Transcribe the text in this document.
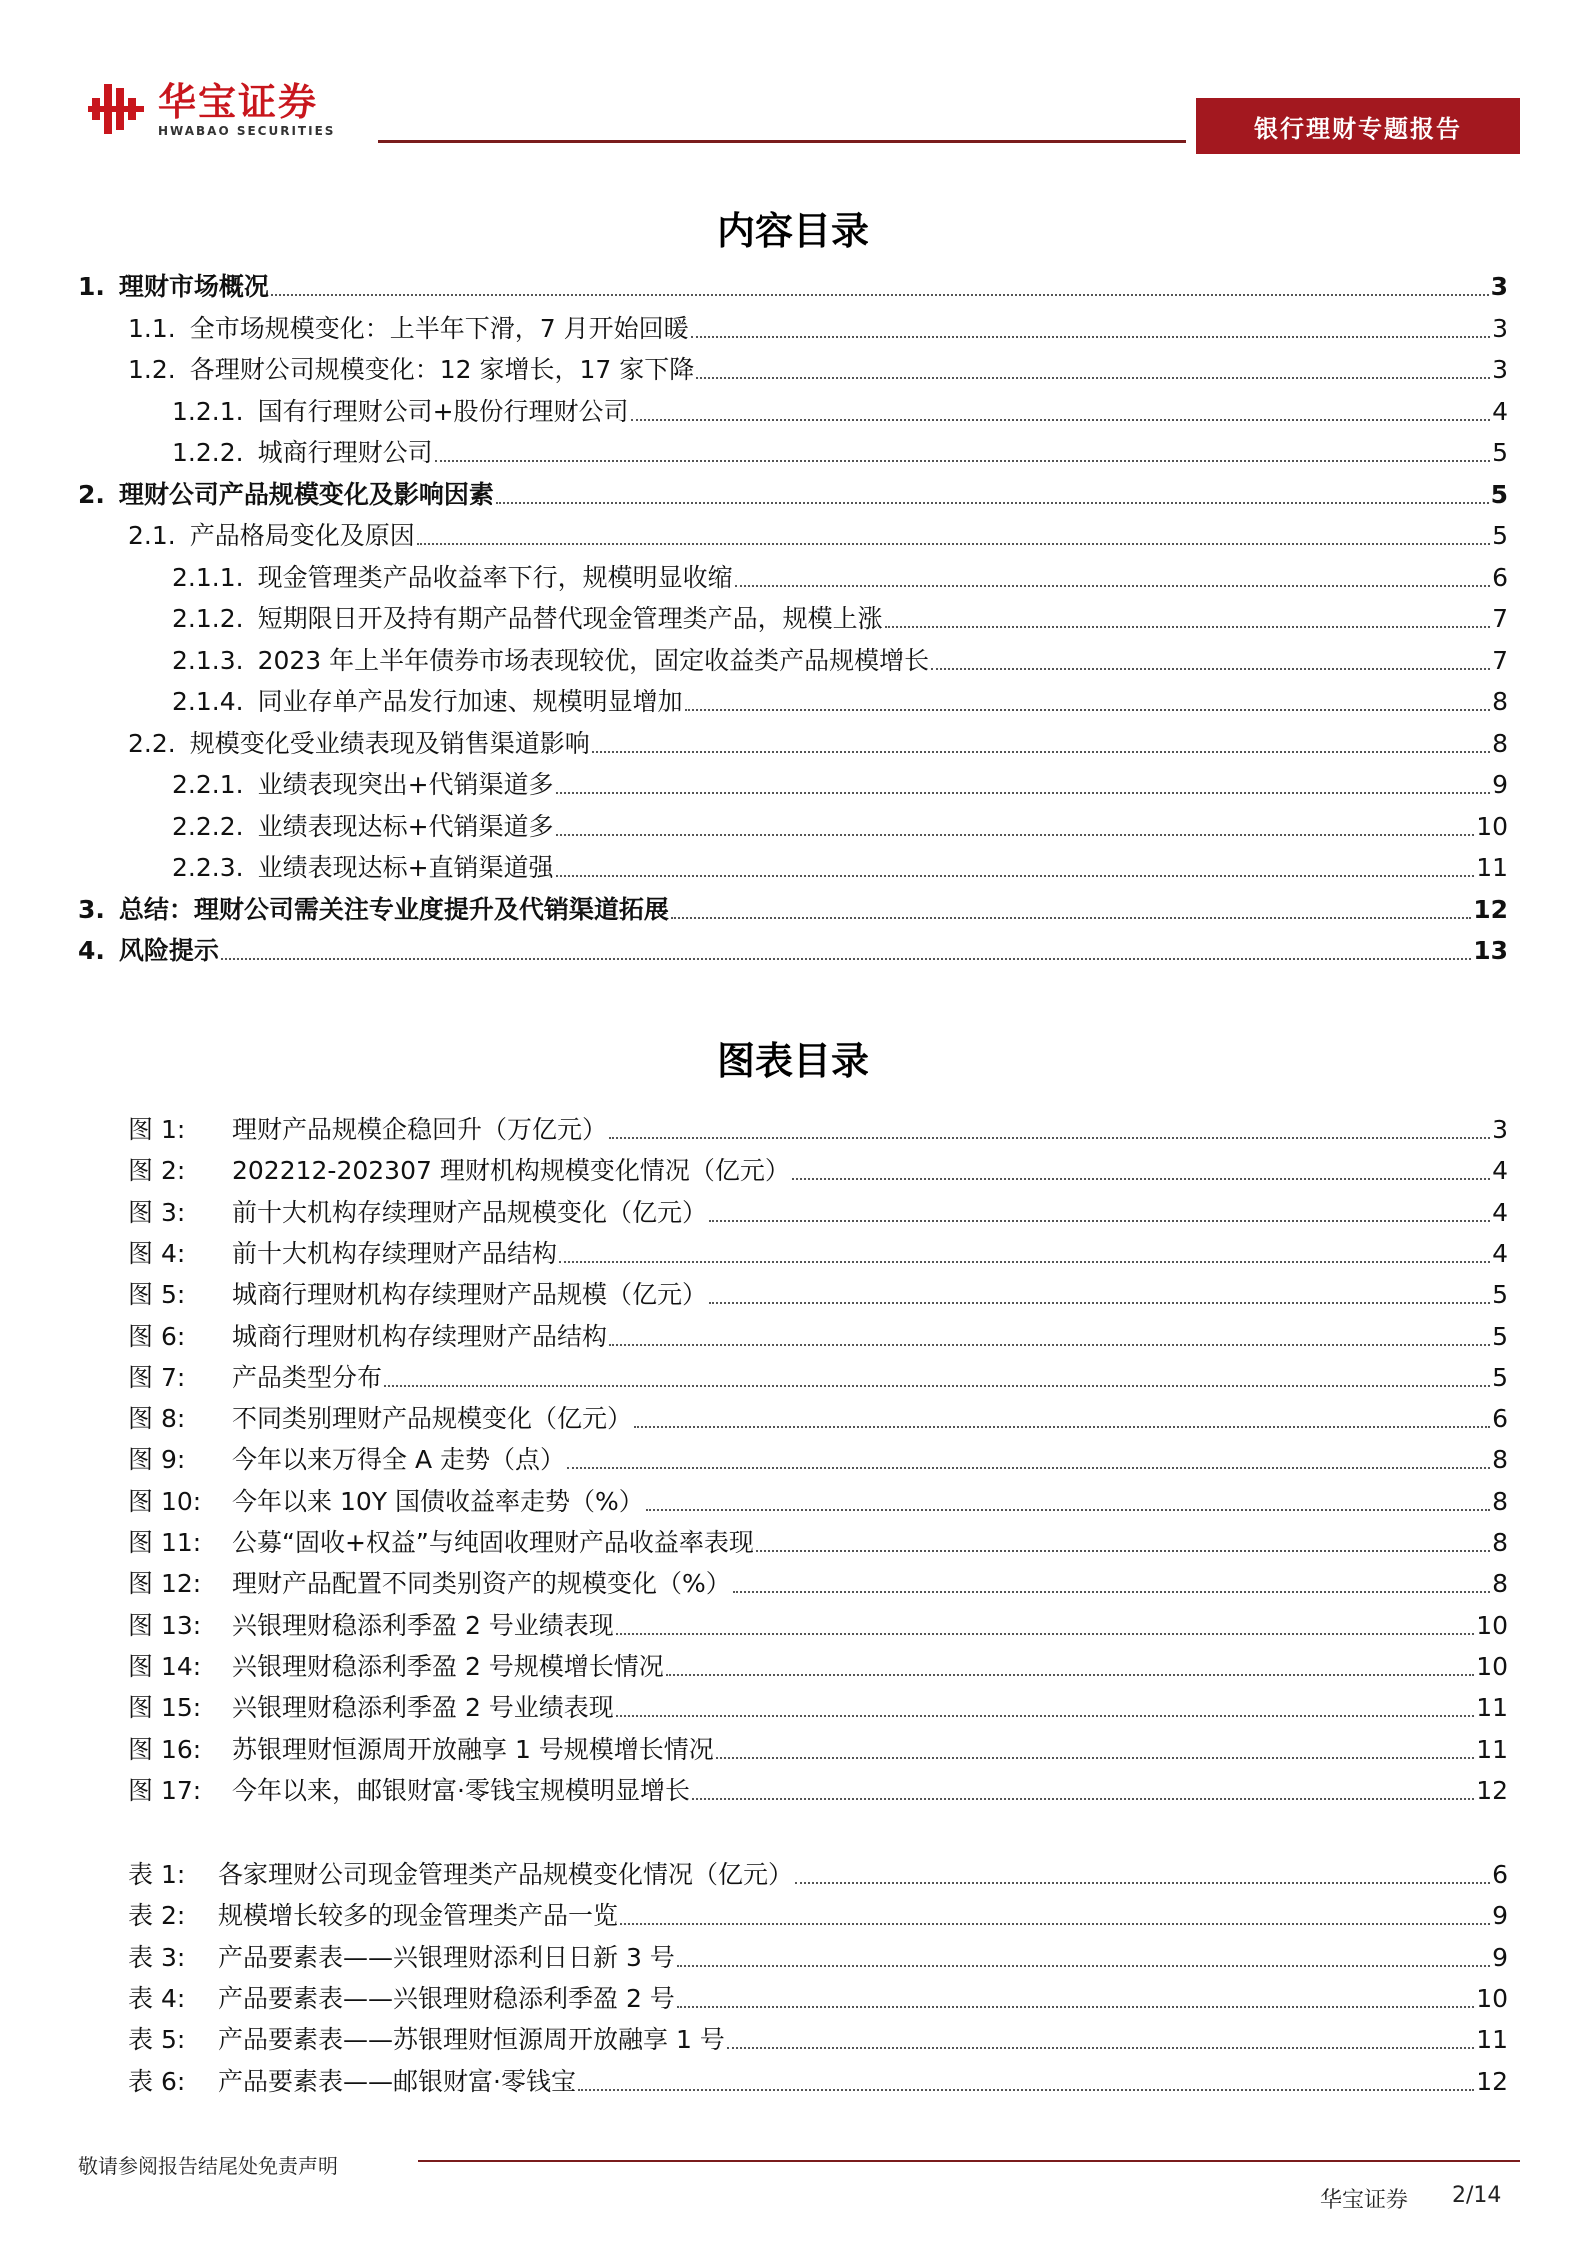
华宝证券
HWABAO SECURITIES	银行理财专题报告
内容目录
1. 理财市场概况	3
1.1. 全市场规模变化：上半年下滑，7 月开始回暖	3
1.2. 各理财公司规模变化：12 家增长，17 家下降	3
1.2.1. 国有行理财公司+股份行理财公司	4
1.2.2. 城商行理财公司	5
2. 理财公司产品规模变化及影响因素	5
2.1. 产品格局变化及原因	5
2.1.1. 现金管理类产品收益率下行，规模明显收缩	6
2.1.2. 短期限日开及持有期产品替代现金管理类产品，规模上涨	7
2.1.3. 2023 年上半年债券市场表现较优，固定收益类产品规模增长	7
2.1.4. 同业存单产品发行加速、规模明显增加	8
2.2. 规模变化受业绩表现及销售渠道影响	8
2.2.1. 业绩表现突出+代销渠道多	9
2.2.2. 业绩表现达标+代销渠道多	10
2.2.3. 业绩表现达标+直销渠道强	11
3. 总结：理财公司需关注专业度提升及代销渠道拓展	12
4. 风险提示	13
图表目录
图 1:	理财产品规模企稳回升（万亿元）	3
图 2:	202212-202307 理财机构规模变化情况（亿元）	4
图 3:	前十大机构存续理财产品规模变化（亿元）	4
图 4:	前十大机构存续理财产品结构	4
图 5:	城商行理财机构存续理财产品规模（亿元）	5
图 6:	城商行理财机构存续理财产品结构	5
图 7:	产品类型分布	5
图 8:	不同类别理财产品规模变化（亿元）	6
图 9:	今年以来万得全 A 走势（点）	8
图 10:	今年以来 10Y 国债收益率走势（%）	8
图 11:	公募“固收+权益”与纯固收理财产品收益率表现	8
图 12:	理财产品配置不同类别资产的规模变化（%）	8
图 13:	兴银理财稳添利季盈 2 号业绩表现	10
图 14:	兴银理财稳添利季盈 2 号规模增长情况	10
图 15:	兴银理财稳添利季盈 2 号业绩表现	11
图 16:	苏银理财恒源周开放融享 1 号规模增长情况	11
图 17:	今年以来，邮银财富·零钱宝规模明显增长	12
表 1:	各家理财公司现金管理类产品规模变化情况（亿元）	6
表 2:	规模增长较多的现金管理类产品一览	9
表 3:	产品要素表——兴银理财添利日日新 3 号	9
表 4:	产品要素表——兴银理财稳添利季盈 2 号	10
表 5:	产品要素表——苏银理财恒源周开放融享 1 号	11
表 6:	产品要素表——邮银财富·零钱宝	12
敬请参阅报告结尾处免责声明
华宝证券 2/14
